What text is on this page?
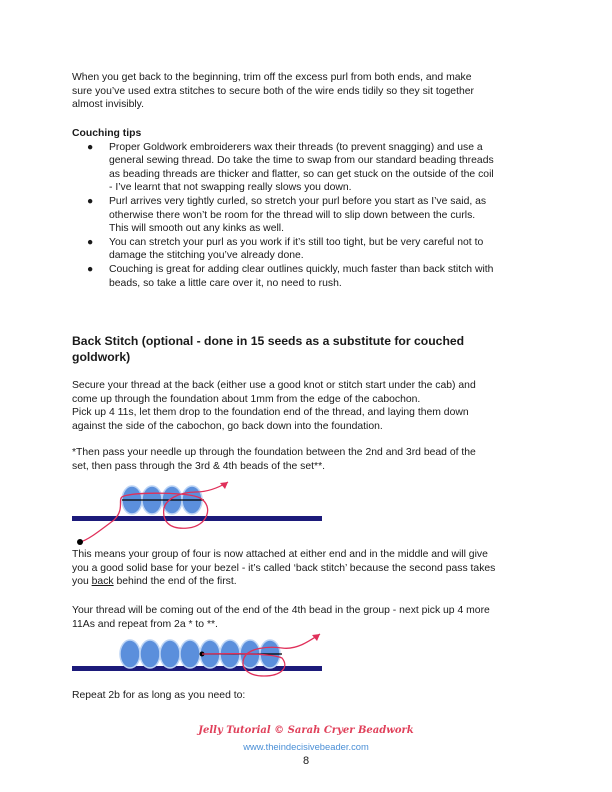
When you get back to the beginning, trim off the excess purl from both ends, and make
sure you’ve used extra stitches to secure both of the wire ends tidily so they sit together
almost invisibly.

Couching tips
● Proper Goldwork embroiderers wax their threads (to prevent snagging) and use a
general sewing thread. Do take the time to swap from our standard beading threads
as beading threads are thicker and flatter, so can get stuck on the outside of the coil
- I’ve learnt that not swapping really slows you down.
● Purl arrives very tightly curled, so stretch your purl before you start as I’ve said, as
otherwise there won’t be room for the thread will to slip down between the curls.
This will smooth out any kinks as well.
● You can stretch your purl as you work if it’s still too tight, but be very careful not to
damage the stitching you’ve already done.
● Couching is great for adding clear outlines quickly, much faster than back stitch with
beads, so take a little care over it, no need to rush.
Back Stitch (optional - done in 15 seeds as a substitute for couched
goldwork)

Secure your thread at the back (either use a good knot or stitch start under the cab) and
come up through the foundation about 1mm from the edge of the cabochon.
Pick up 4 11s, let them drop to the foundation end of the thread, and laying them down
against the side of the cabochon, go back down into the foundation.

*Then pass your needle up through the foundation between the 2nd and 3rd bead of the
set, then pass through the 3rd & 4th beads of the set**.

This means your group of four is now attached at either end and in the middle and will give
you a good solid base for your bezel - it’s called ‘back stitch’ because the second pass takes
you back behind the end of the first.

Your thread will be coming out of the end of the 4th bead in the group - next pick up 4 more
11As and repeat from 2a * to **.

Repeat 2b for as long as you need to:

Jelly Tutorial © Sarah Cryer Beadwork
www.theindecisivebeader.com
8
